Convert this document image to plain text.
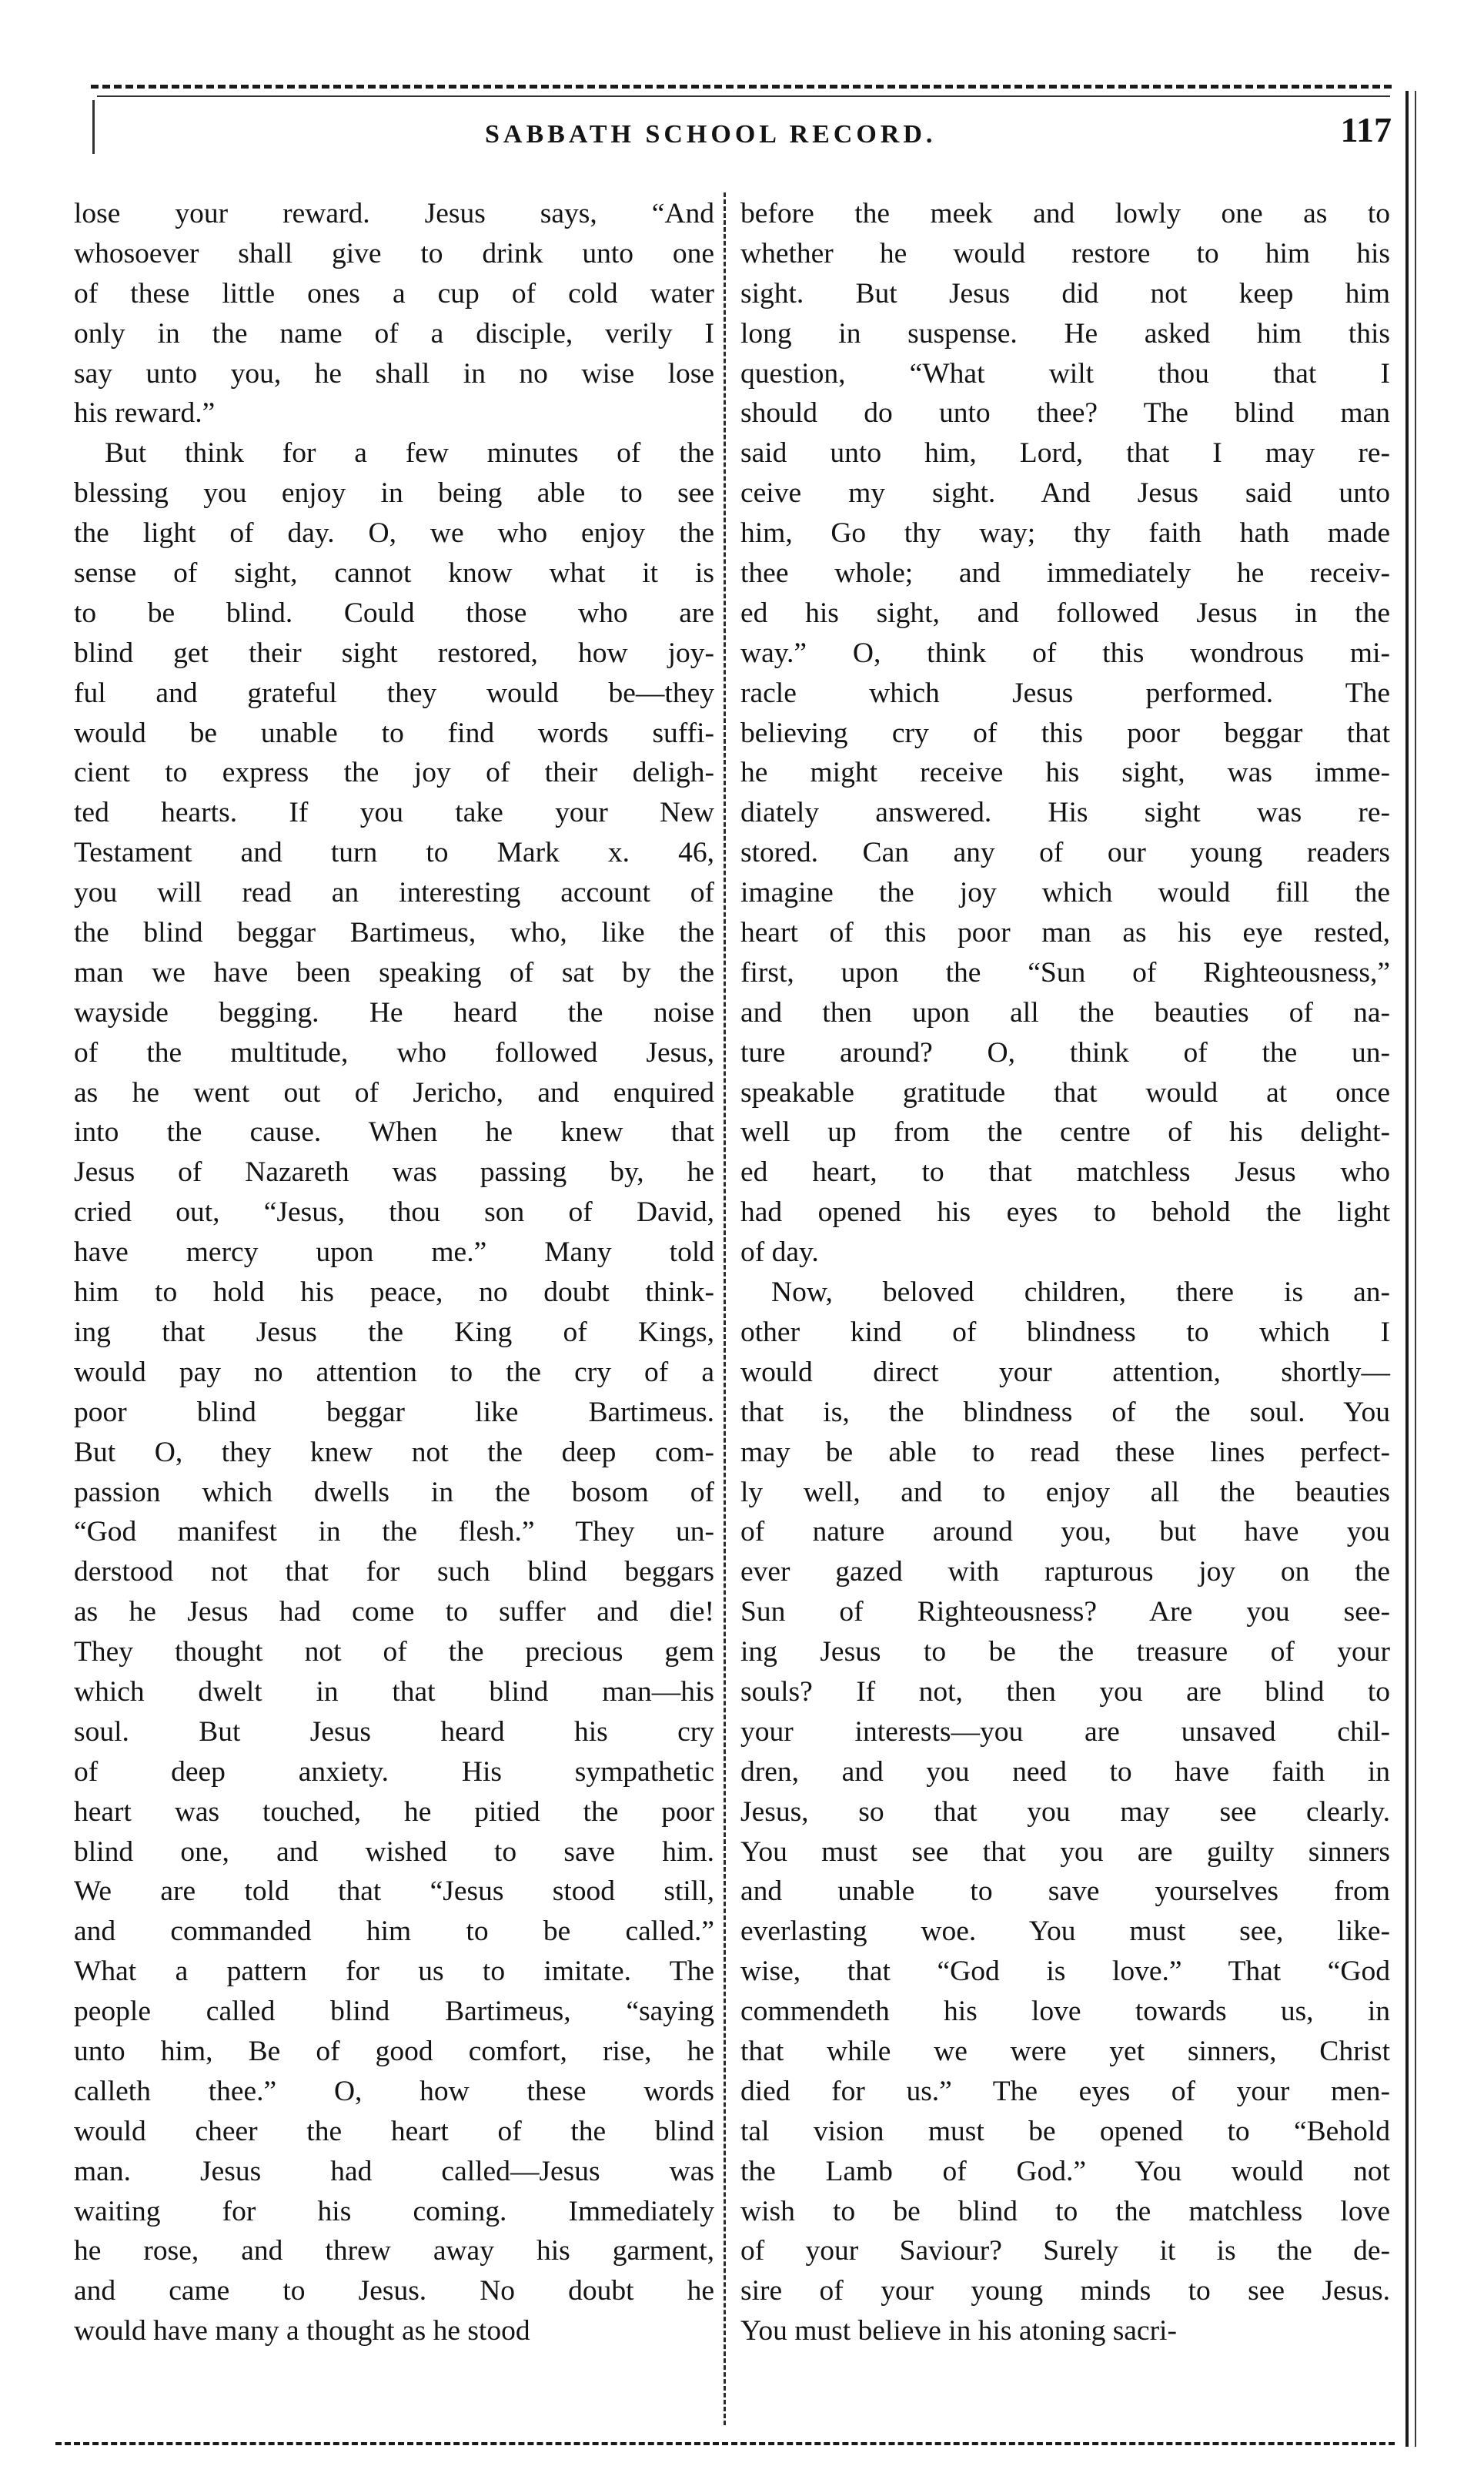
SABBATH SCHOOL RECORD.	117
lose your reward. Jesus says, “And
whosoever shall give to drink unto one
of these little ones a cup of cold water
only in the name of a disciple, verily I
say unto you, he shall in no wise lose
his reward.”
But think for a few minutes of the
blessing you enjoy in being able to see
the light of day. O, we who enjoy the
sense of sight, cannot know what it is
to be blind. Could those who are
blind get their sight restored, how joy-
ful and grateful they would be—they
would be unable to find words suffi-
cient to express the joy of their deligh-
ted hearts. If you take your New
Testament and turn to Mark x. 46,
you will read an interesting account of
the blind beggar Bartimeus, who, like the
man we have been speaking of sat by the
wayside begging. He heard the noise
of the multitude, who followed Jesus,
as he went out of Jericho, and enquired
into the cause. When he knew that
Jesus of Nazareth was passing by, he
cried out, “Jesus, thou son of David,
have mercy upon me.” Many told
him to hold his peace, no doubt think-
ing that Jesus the King of Kings,
would pay no attention to the cry of a
poor blind beggar like Bartimeus.
But O, they knew not the deep com-
passion which dwells in the bosom of
“God manifest in the flesh.” They un-
derstood not that for such blind beggars
as he Jesus had come to suffer and die!
They thought not of the precious gem
which dwelt in that blind man—his
soul. But Jesus heard his cry
of deep anxiety. His sympathetic
heart was touched, he pitied the poor
blind one, and wished to save him.
We are told that “Jesus stood still,
and commanded him to be called.”
What a pattern for us to imitate. The
people called blind Bartimeus, “saying
unto him, Be of good comfort, rise, he
calleth thee.” O, how these words
would cheer the heart of the blind
man. Jesus had called—Jesus was
waiting for his coming. Immediately
he rose, and threw away his garment,
and came to Jesus. No doubt he
would have many a thought as he stood
before the meek and lowly one as to
whether he would restore to him his
sight. But Jesus did not keep him
long in suspense. He asked him this
question, “What wilt thou that I
should do unto thee? The blind man
said unto him, Lord, that I may re-
ceive my sight. And Jesus said unto
him, Go thy way; thy faith hath made
thee whole; and immediately he receiv-
ed his sight, and followed Jesus in the
way.” O, think of this wondrous mi-
racle which Jesus performed. The
believing cry of this poor beggar that
he might receive his sight, was imme-
diately answered. His sight was re-
stored. Can any of our young readers
imagine the joy which would fill the
heart of this poor man as his eye rested,
first, upon the “Sun of Righteousness,”
and then upon all the beauties of na-
ture around? O, think of the un-
speakable gratitude that would at once
well up from the centre of his delight-
ed heart, to that matchless Jesus who
had opened his eyes to behold the light
of day.
Now, beloved children, there is an-
other kind of blindness to which I
would direct your attention, shortly—
that is, the blindness of the soul. You
may be able to read these lines perfect-
ly well, and to enjoy all the beauties
of nature around you, but have you
ever gazed with rapturous joy on the
Sun of Righteousness? Are you see-
ing Jesus to be the treasure of your
souls? If not, then you are blind to
your interests—you are unsaved chil-
dren, and you need to have faith in
Jesus, so that you may see clearly.
You must see that you are guilty sinners
and unable to save yourselves from
everlasting woe. You must see, like-
wise, that “God is love.” That “God
commendeth his love towards us, in
that while we were yet sinners, Christ
died for us.” The eyes of your men-
tal vision must be opened to “Behold
the Lamb of God.” You would not
wish to be blind to the matchless love
of your Saviour? Surely it is the de-
sire of your young minds to see Jesus.
You must believe in his atoning sacri-
